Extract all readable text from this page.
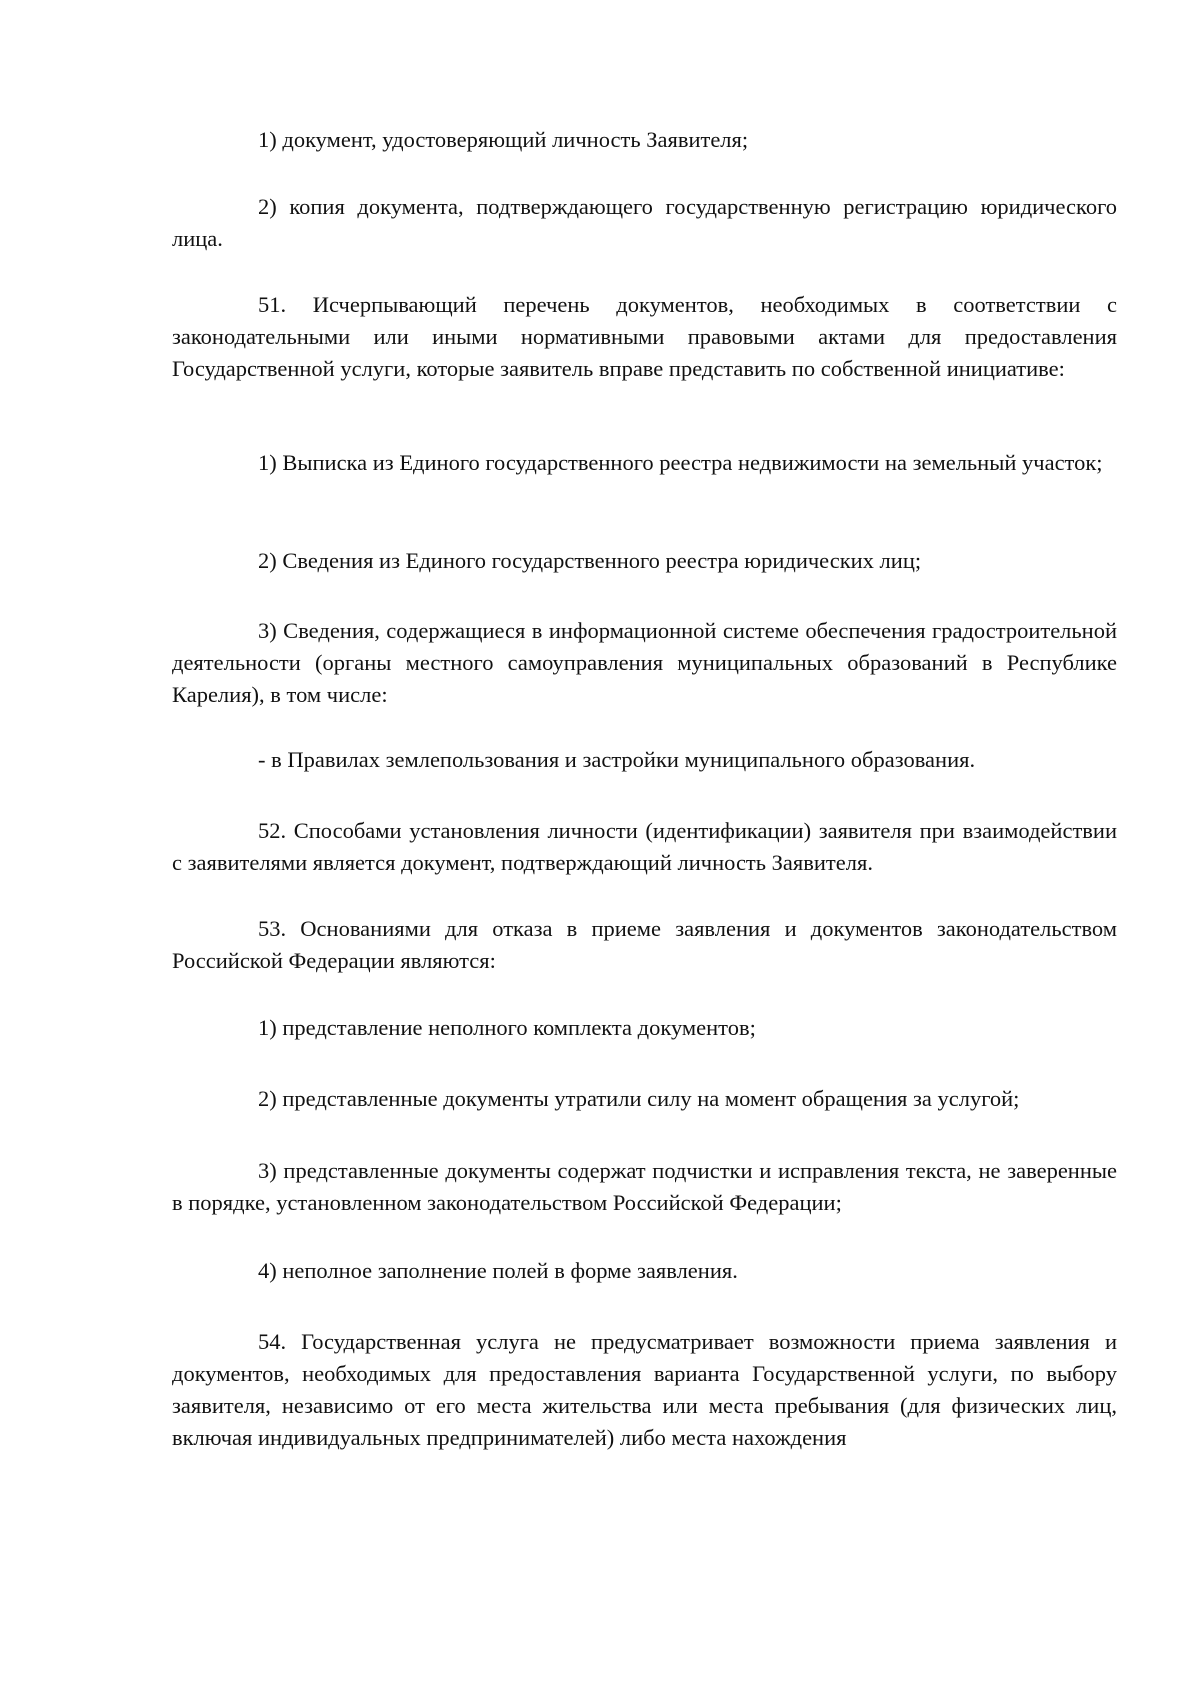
1) документ, удостоверяющий личность Заявителя;

2) копия документа, подтверждающего государственную регистрацию юридического лица.

51. Исчерпывающий перечень документов, необходимых в соответствии с законодательными или иными нормативными правовыми актами для предоставления Государственной услуги, которые заявитель вправе представить по собственной инициативе:

1) Выписка из Единого государственного реестра недвижимости на земельный участок;

2) Сведения из Единого государственного реестра юридических лиц;

3) Сведения, содержащиеся в информационной системе обеспечения градостроительной деятельности (органы местного самоуправления муниципальных образований в Республике Карелия), в том числе:

- в Правилах землепользования и застройки муниципального образования.

52. Способами установления личности (идентификации) заявителя при взаимодействии с заявителями является документ, подтверждающий личность Заявителя.

53. Основаниями для отказа в приеме заявления и документов законодательством Российской Федерации являются:

1) представление неполного комплекта документов;

2) представленные документы утратили силу на момент обращения за услугой;

3) представленные документы содержат подчистки и исправления текста, не заверенные в порядке, установленном законодательством Российской Федерации;

4) неполное заполнение полей в форме заявления.

54. Государственная услуга не предусматривает возможности приема заявления и документов, необходимых для предоставления варианта Государственной услуги, по выбору заявителя, независимо от его места жительства или места пребывания (для физических лиц, включая индивидуальных предпринимателей) либо места нахождения
